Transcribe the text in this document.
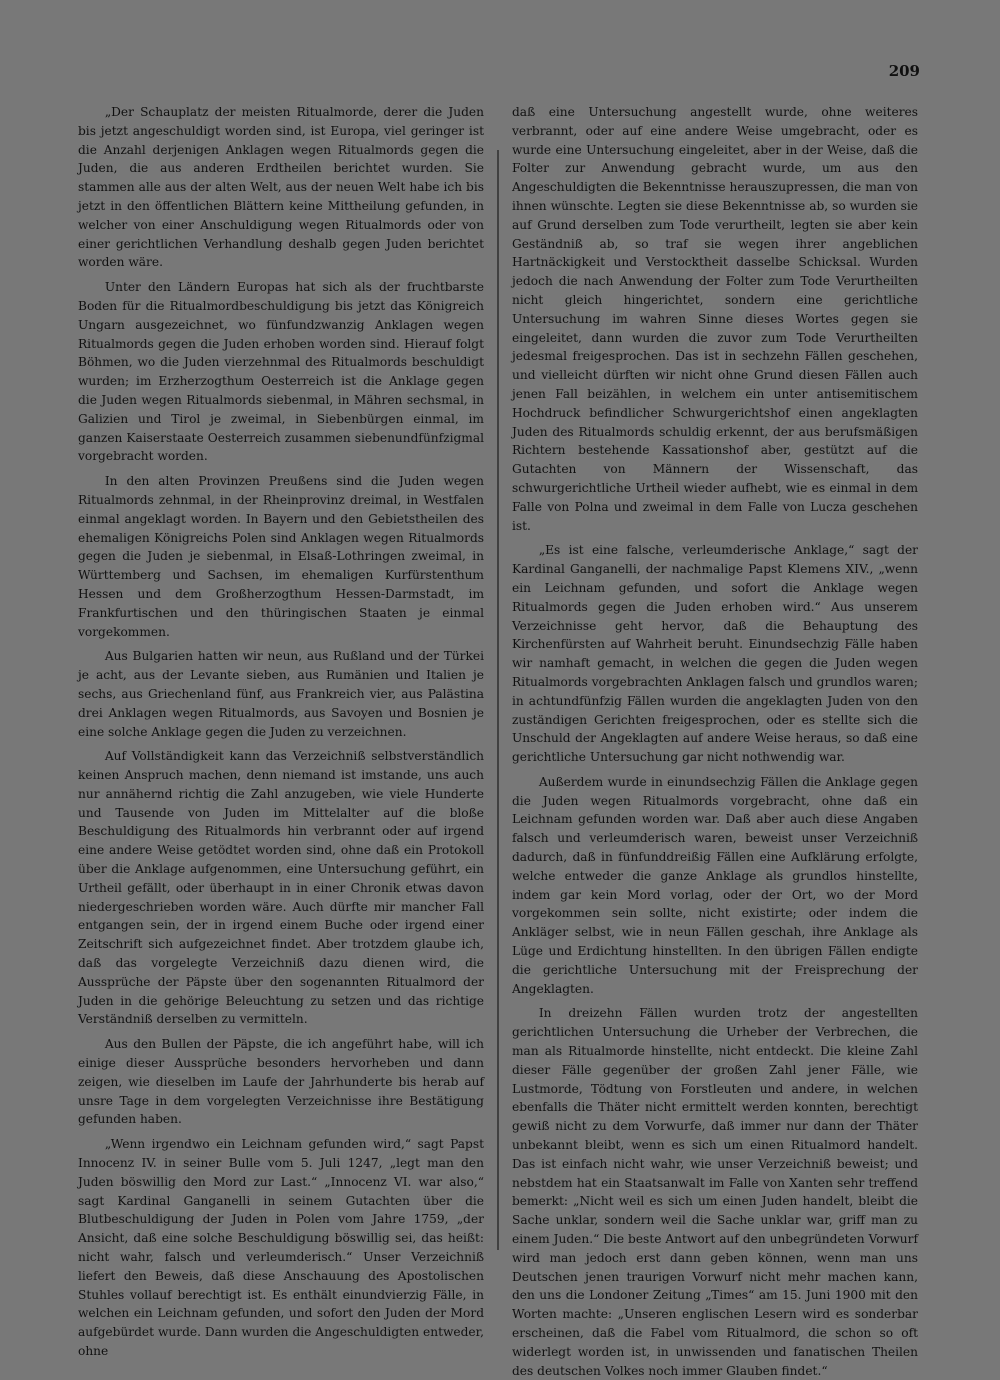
209

„Der Schauplatz der meisten Ritualmorde, derer die Juden bis jetzt angeschuldigt worden sind, ist Europa, viel geringer ist die Anzahl derjenigen Anklagen wegen Ritualmords gegen die Juden, die aus anderen Erdtheilen berichtet wurden. Sie stammen alle aus der alten Welt, aus der neuen Welt habe ich bis jetzt in den öffentlichen Blättern keine Mittheilung gefunden, in welcher von einer Anschuldigung wegen Ritualmords oder von einer gerichtlichen Verhandlung deshalb gegen Juden berichtet worden wäre.

Unter den Ländern Europas hat sich als der fruchtbarste Boden für die Ritualmordbeschuldigung bis jetzt das Königreich Ungarn ausgezeichnet, wo fünfundzwanzig Anklagen wegen Ritualmords gegen die Juden erhoben worden sind. Hierauf folgt Böhmen, wo die Juden vierzehnmal des Ritualmords beschuldigt wurden; im Erzherzogthum Oesterreich ist die Anklage gegen die Juden wegen Ritualmords siebenmal, in Mähren sechsmal, in Galizien und Tirol je zweimal, in Siebenbürgen einmal, im ganzen Kaiserstaate Oesterreich zusammen siebenundfünfzigmal vorgebracht worden.

In den alten Provinzen Preußens sind die Juden wegen Ritualmords zehnmal, in der Rheinprovinz dreimal, in Westfalen einmal angeklagt worden. In Bayern und den Gebietstheilen des ehemaligen Königreichs Polen sind Anklagen wegen Ritualmords gegen die Juden je siebenmal, in Elsaß-Lothringen zweimal, in Württemberg und Sachsen, im ehemaligen Kurfürstenthum Hessen und dem Großherzogthum Hessen-Darmstadt, im Frankfurtischen und den thüringischen Staaten je einmal vorgekommen.

Aus Bulgarien hatten wir neun, aus Rußland und der Türkei je acht, aus der Levante sieben, aus Rumänien und Italien je sechs, aus Griechenland fünf, aus Frankreich vier, aus Palästina drei Anklagen wegen Ritualmords, aus Savoyen und Bosnien je eine solche Anklage gegen die Juden zu verzeichnen.

Auf Vollständigkeit kann das Verzeichniß selbstverständlich keinen Anspruch machen, denn niemand ist imstande, uns auch nur annähernd richtig die Zahl anzugeben, wie viele Hunderte und Tausende von Juden im Mittelalter auf die bloße Beschuldigung des Ritualmords hin verbrannt oder auf irgend eine andere Weise getödtet worden sind, ohne daß ein Protokoll über die Anklage aufgenommen, eine Untersuchung geführt, ein Urtheil gefällt, oder überhaupt in in einer Chronik etwas davon niedergeschrieben worden wäre. Auch dürfte mir mancher Fall entgangen sein, der in irgend einem Buche oder irgend einer Zeitschrift sich aufgezeichnet findet. Aber trotzdem glaube ich, daß das vorgelegte Verzeichniß dazu dienen wird, die Aussprüche der Päpste über den sogenannten Ritualmord der Juden in die gehörige Beleuchtung zu setzen und das richtige Verständniß derselben zu vermitteln.

Aus den Bullen der Päpste, die ich angeführt habe, will ich einige dieser Aussprüche besonders hervorheben und dann zeigen, wie dieselben im Laufe der Jahrhunderte bis herab auf unsre Tage in dem vorgelegten Verzeichnisse ihre Bestätigung gefunden haben.

„Wenn irgendwo ein Leichnam gefunden wird,“ sagt Papst Innocenz IV. in seiner Bulle vom 5. Juli 1247, „legt man den Juden böswillig den Mord zur Last.“ „Innocenz VI. war also,“ sagt Kardinal Ganganelli in seinem Gutachten über die Blutbeschuldigung der Juden in Polen vom Jahre 1759, „der Ansicht, daß eine solche Beschuldigung böswillig sei, das heißt: nicht wahr, falsch und verleumderisch.“ Unser Verzeichniß liefert den Beweis, daß diese Anschauung des Apostolischen Stuhles vollauf berechtigt ist. Es enthält einundvierzig Fälle, in welchen ein Leichnam gefunden, und sofort den Juden der Mord aufgebürdet wurde. Dann wurden die Angeschuldigten entweder, ohne

daß eine Untersuchung angestellt wurde, ohne weiteres verbrannt, oder auf eine andere Weise umgebracht, oder es wurde eine Untersuchung eingeleitet, aber in der Weise, daß die Folter zur Anwendung gebracht wurde, um aus den Angeschuldigten die Bekenntnisse herauszupressen, die man von ihnen wünschte. Legten sie diese Bekenntnisse ab, so wurden sie auf Grund derselben zum Tode verurtheilt, legten sie aber kein Geständniß ab, so traf sie wegen ihrer angeblichen Hartnäckigkeit und Verstocktheit dasselbe Schicksal. Wurden jedoch die nach Anwendung der Folter zum Tode Verurtheilten nicht gleich hingerichtet, sondern eine gerichtliche Untersuchung im wahren Sinne dieses Wortes gegen sie eingeleitet, dann wurden die zuvor zum Tode Verurtheilten jedesmal freigesprochen. Das ist in sechzehn Fällen geschehen, und vielleicht dürften wir nicht ohne Grund diesen Fällen auch jenen Fall beizählen, in welchem ein unter antisemitischem Hochdruck befindlicher Schwurgerichtshof einen angeklagten Juden des Ritualmords schuldig erkennt, der aus berufsmäßigen Richtern bestehende Kassationshof aber, gestützt auf die Gutachten von Männern der Wissenschaft, das schwurgerichtliche Urtheil wieder aufhebt, wie es einmal in dem Falle von Polna und zweimal in dem Falle von Lucza geschehen ist.

„Es ist eine falsche, verleumderische Anklage,“ sagt der Kardinal Ganganelli, der nachmalige Papst Klemens XIV., „wenn ein Leichnam gefunden, und sofort die Anklage wegen Ritualmords gegen die Juden erhoben wird.“ Aus unserem Verzeichnisse geht hervor, daß die Behauptung des Kirchenfürsten auf Wahrheit beruht. Einundsechzig Fälle haben wir namhaft gemacht, in welchen die gegen die Juden wegen Ritualmords vorgebrachten Anklagen falsch und grundlos waren; in achtundfünfzig Fällen wurden die angeklagten Juden von den zuständigen Gerichten freigesprochen, oder es stellte sich die Unschuld der Angeklagten auf andere Weise heraus, so daß eine gerichtliche Untersuchung gar nicht nothwendig war.

Außerdem wurde in einundsechzig Fällen die Anklage gegen die Juden wegen Ritualmords vorgebracht, ohne daß ein Leichnam gefunden worden war. Daß aber auch diese Angaben falsch und verleumderisch waren, beweist unser Verzeichniß dadurch, daß in fünfunddreißig Fällen eine Aufklärung erfolgte, welche entweder die ganze Anklage als grundlos hinstellte, indem gar kein Mord vorlag, oder der Ort, wo der Mord vorgekommen sein sollte, nicht existirte; oder indem die Ankläger selbst, wie in neun Fällen geschah, ihre Anklage als Lüge und Erdichtung hinstellten. In den übrigen Fällen endigte die gerichtliche Untersuchung mit der Freisprechung der Angeklagten.

In dreizehn Fällen wurden trotz der angestellten gerichtlichen Untersuchung die Urheber der Verbrechen, die man als Ritualmorde hinstellte, nicht entdeckt. Die kleine Zahl dieser Fälle gegenüber der großen Zahl jener Fälle, wie Lustmorde, Tödtung von Forstleuten und andere, in welchen ebenfalls die Thäter nicht ermittelt werden konnten, berechtigt gewiß nicht zu dem Vorwurfe, daß immer nur dann der Thäter unbekannt bleibt, wenn es sich um einen Ritualmord handelt. Das ist einfach nicht wahr, wie unser Verzeichniß beweist; und nebstdem hat ein Staatsanwalt im Falle von Xanten sehr treffend bemerkt: „Nicht weil es sich um einen Juden handelt, bleibt die Sache unklar, sondern weil die Sache unklar war, griff man zu einem Juden.“ Die beste Antwort auf den unbegründeten Vorwurf wird man jedoch erst dann geben können, wenn man uns Deutschen jenen traurigen Vorwurf nicht mehr machen kann, den uns die Londoner Zeitung „Times“ am 15. Juni 1900 mit den Worten machte: „Unseren englischen Lesern wird es sonderbar erscheinen, daß die Fabel vom Ritualmord, die schon so oft widerlegt worden ist, in unwissenden und fanatischen Theilen des deutschen Volkes noch immer Glauben findet.“
